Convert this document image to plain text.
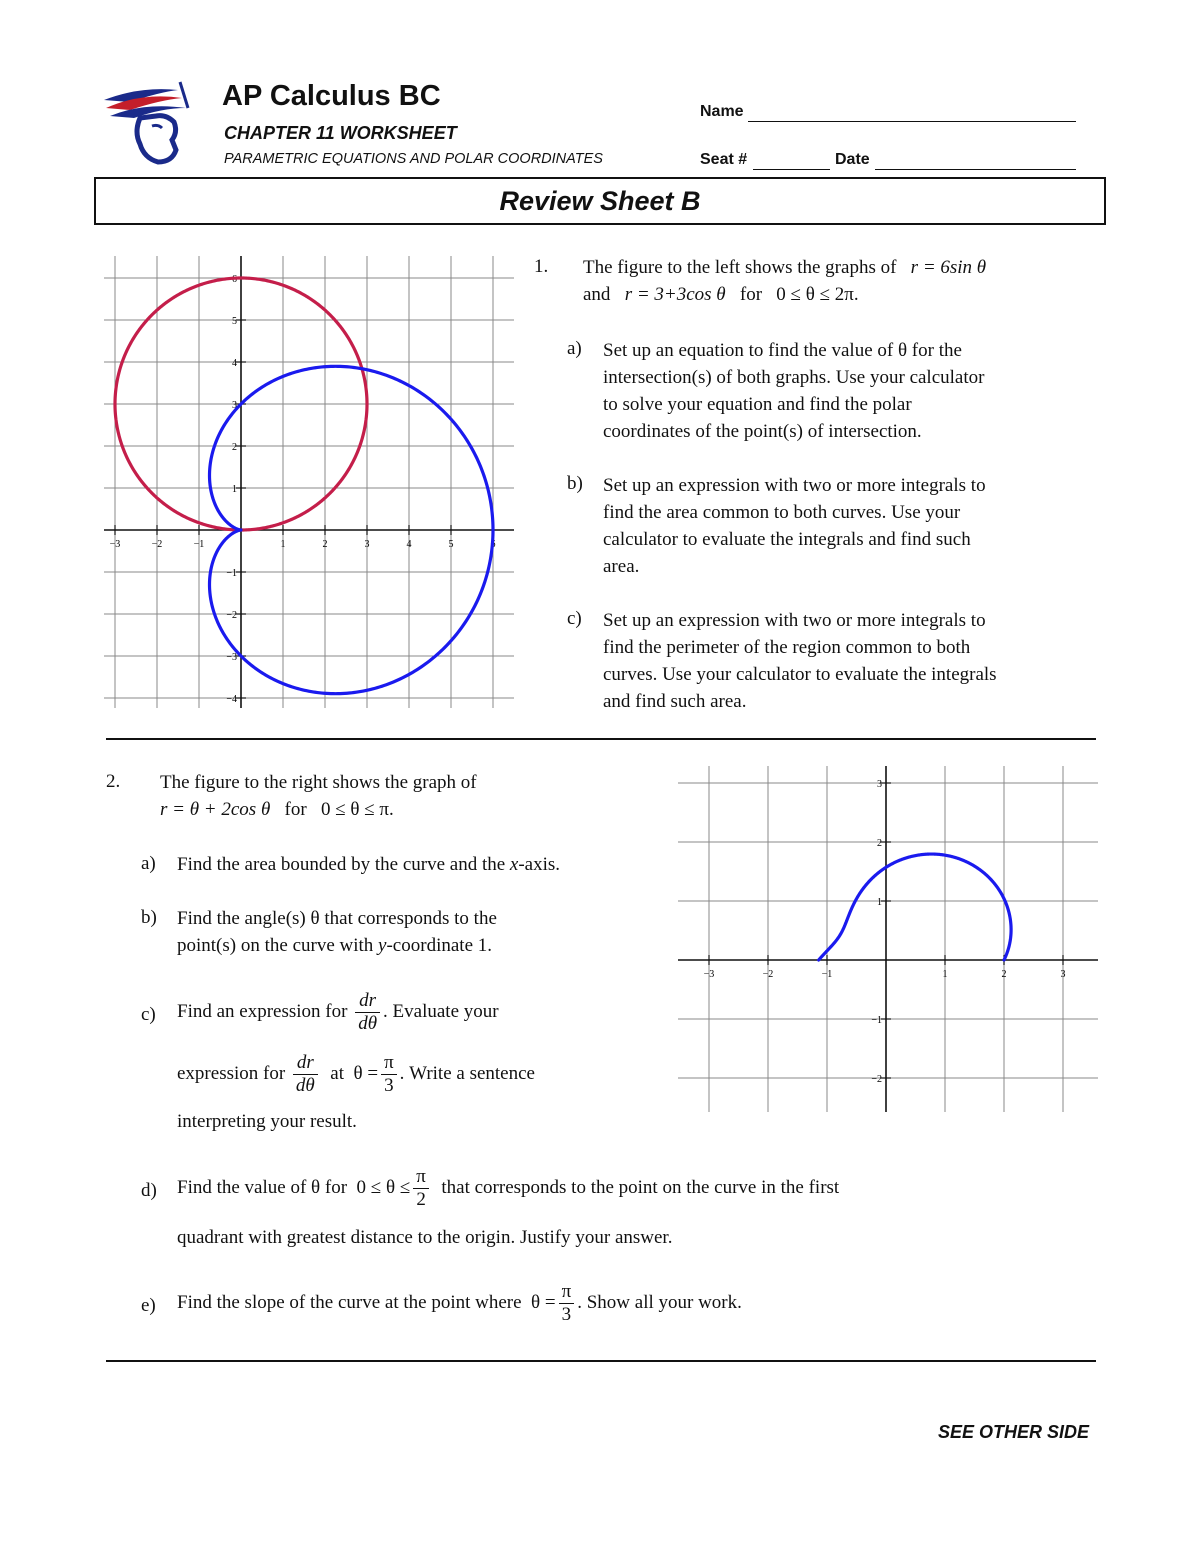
AP Calculus BC
CHAPTER 11 WORKSHEET
PARAMETRIC EQUATIONS AND POLAR COORDINATES
Name
Seat #	Date
Review Sheet B
−3	−2	−1	1	2	3	4	5	6
6
5
4
3
2
1
−1
−2
−3
−4
1. The figure to the left shows the graphs of r = 6sin θ
and r = 3+3cos θ for 0 ≤ θ ≤ 2π.
a) Set up an equation to find the value of θ for the
intersection(s) of both graphs. Use your calculator
to solve your equation and find the polar
coordinates of the point(s) of intersection.
b) Set up an expression with two or more integrals to
find the area common to both curves. Use your
calculator to evaluate the integrals and find such
area.
c) Set up an expression with two or more integrals to
find the perimeter of the region common to both
curves. Use your calculator to evaluate the integrals
and find such area.
2. The figure to the right shows the graph of
r = θ + 2cos θ for 0 ≤ θ ≤ π.
a) Find the area bounded by the curve and the x-axis.
b) Find the angle(s) θ that corresponds to the
point(s) on the curve with y-coordinate 1.
c) Find an expression for $\frac{dr}{d\theta}$ . Evaluate your
expression for $\frac{dr}{d\theta}$ at $\theta = \frac{\pi}{3}$ . Write a sentence
interpreting your result.
d) Find the value of θ for $0 \le \theta \le \frac{\pi}{2}$ that corresponds to the point on the curve in the first
quadrant with greatest distance to the origin. Justify your answer.
e) Find the slope of the curve at the point where $\theta = \frac{\pi}{3}$ . Show all your work.
−3	−2	−1	1	2	3
3
2
1
−1
−2
SEE OTHER SIDE
